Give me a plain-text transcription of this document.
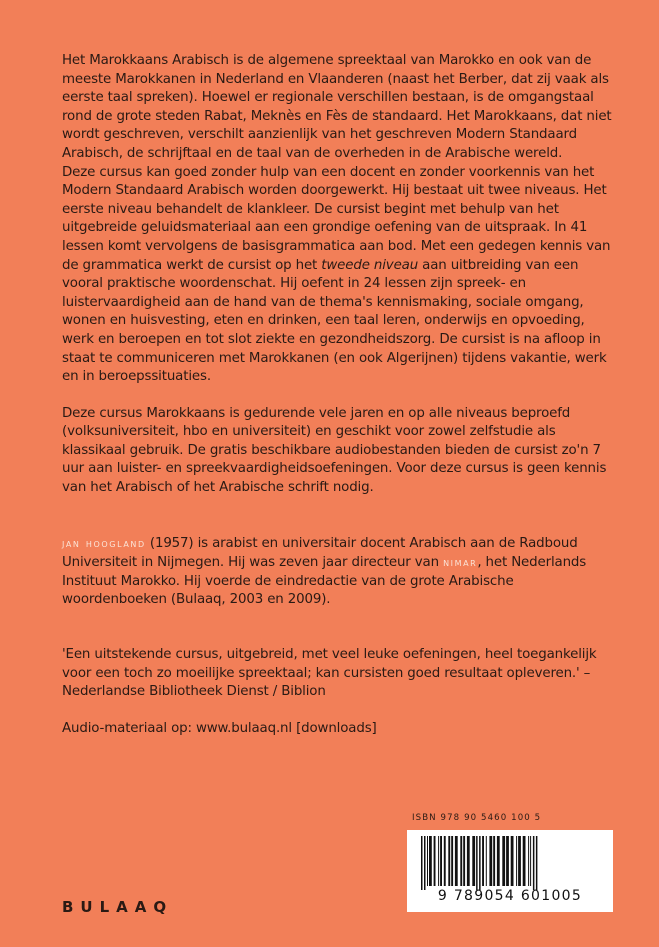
Het Marokkaans Arabisch is de algemene spreektaal van Marokko en ook van de meeste Marokkanen in Nederland en Vlaanderen (naast het Berber, dat zij vaak als eerste taal spreken). Hoewel er regionale verschillen bestaan, is de omgangstaal rond de grote steden Rabat, Meknès en Fès de standaard. Het Marokkaans, dat niet wordt geschreven, verschilt aanzienlijk van het geschreven Modern Standaard Arabisch, de schrijftaal en de taal van de overheden in de Arabische wereld.

Deze cursus kan goed zonder hulp van een docent en zonder voorkennis van het Modern Standaard Arabisch worden doorgewerkt. Hij bestaat uit twee niveaus. Het eerste niveau behandelt de klankleer. De cursist begint met behulp van het uitgebreide geluidsmateriaal aan een grondige oefening van de uitspraak. In 41 lessen komt vervolgens de basisgrammatica aan bod. Met een gedegen kennis van de grammatica werkt de cursist op het tweede niveau aan uitbreiding van een vooral praktische woordenschat. Hij oefent in 24 lessen zijn spreek- en luistervaardigheid aan de hand van de thema's kennismaking, sociale omgang, wonen en huisvesting, eten en drinken, een taal leren, onderwijs en opvoeding, werk en beroepen en tot slot ziekte en gezondheidszorg. De cursist is na afloop in staat te communiceren met Marokkanen (en ook Algerijnen) tijdens vakantie, werk en in beroepssituaties.

Deze cursus Marokkaans is gedurende vele jaren en op alle niveaus beproefd (volksuniversiteit, hbo en universiteit) en geschikt voor zowel zelfstudie als klassikaal gebruik. De gratis beschikbare audiobestanden bieden de cursist zo'n 7 uur aan luister- en spreekvaardigheidsoefeningen. Voor deze cursus is geen kennis van het Arabisch of het Arabische schrift nodig.

jan hoogland (1957) is arabist en universitair docent Arabisch aan de Radboud Universiteit in Nijmegen. Hij was zeven jaar directeur van nimar, het Nederlands Instituut Marokko. Hij voerde de eindredactie van de grote Arabische woordenboeken (Bulaaq, 2003 en 2009).

'Een uitstekende cursus, uitgebreid, met veel leuke oefeningen, heel toegankelijk voor een toch zo moeilijke spreektaal; kan cursisten goed resultaat opleveren.' – Nederlandse Bibliotheek Dienst / Biblion

Audio-materiaal op: www.bulaaq.nl [downloads]

ISBN 978 90 5460 100 5
9 789054 601005
BULAAQ
